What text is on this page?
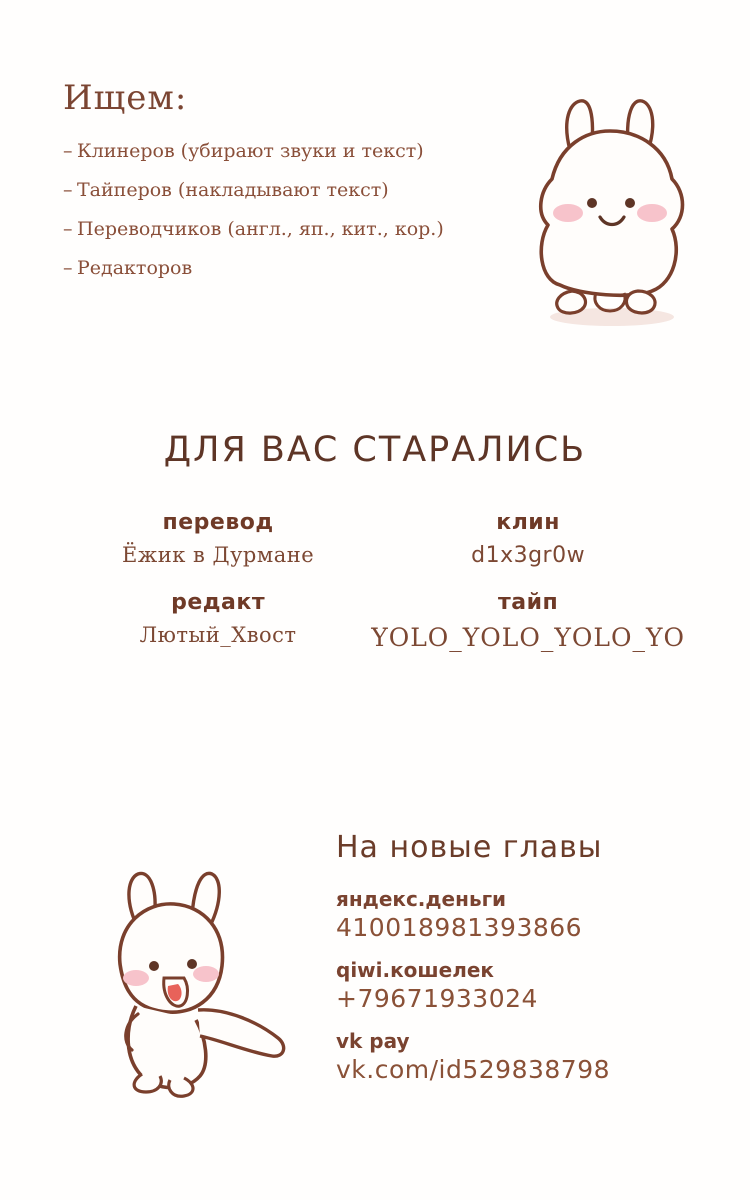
Ищем:
– Клинеров (убирают звуки и текст)
– Тайперов (накладывают текст)
– Переводчиков (англ., яп., кит., кор.)
– Редакторов
ДЛЯ ВАС СТАРАЛИСЬ
перевод
Ёжик в Дурмане
клин
d1x3gr0w
редакт
Лютый_Хвост
тайп
YOLO_YOLO_YOLO_YO
На новые главы
яндекс.деньги
410018981393866
qiwi.кошелек
+79671933024
vk pay
vk.com/id529838798
